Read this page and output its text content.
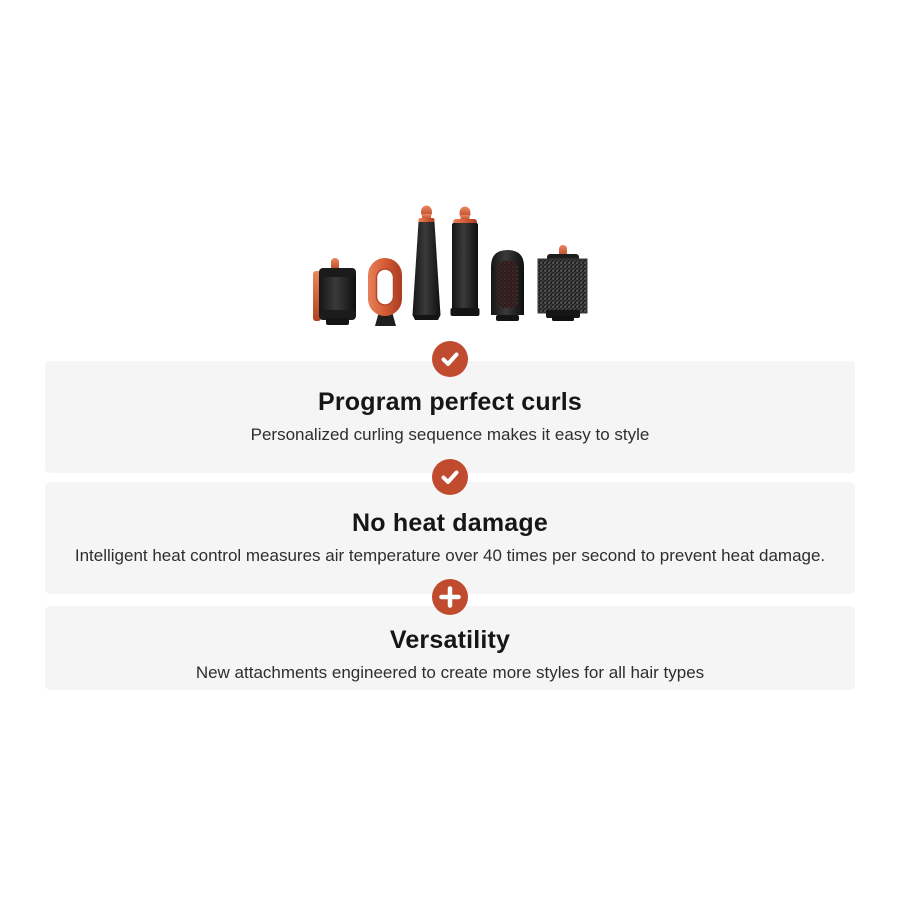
Program perfect curls

Personalized curling sequence makes it easy to style

No heat damage

Intelligent heat control measures air temperature over 40 times per second to prevent heat damage.

Versatility

New attachments engineered to create more styles for all hair types
